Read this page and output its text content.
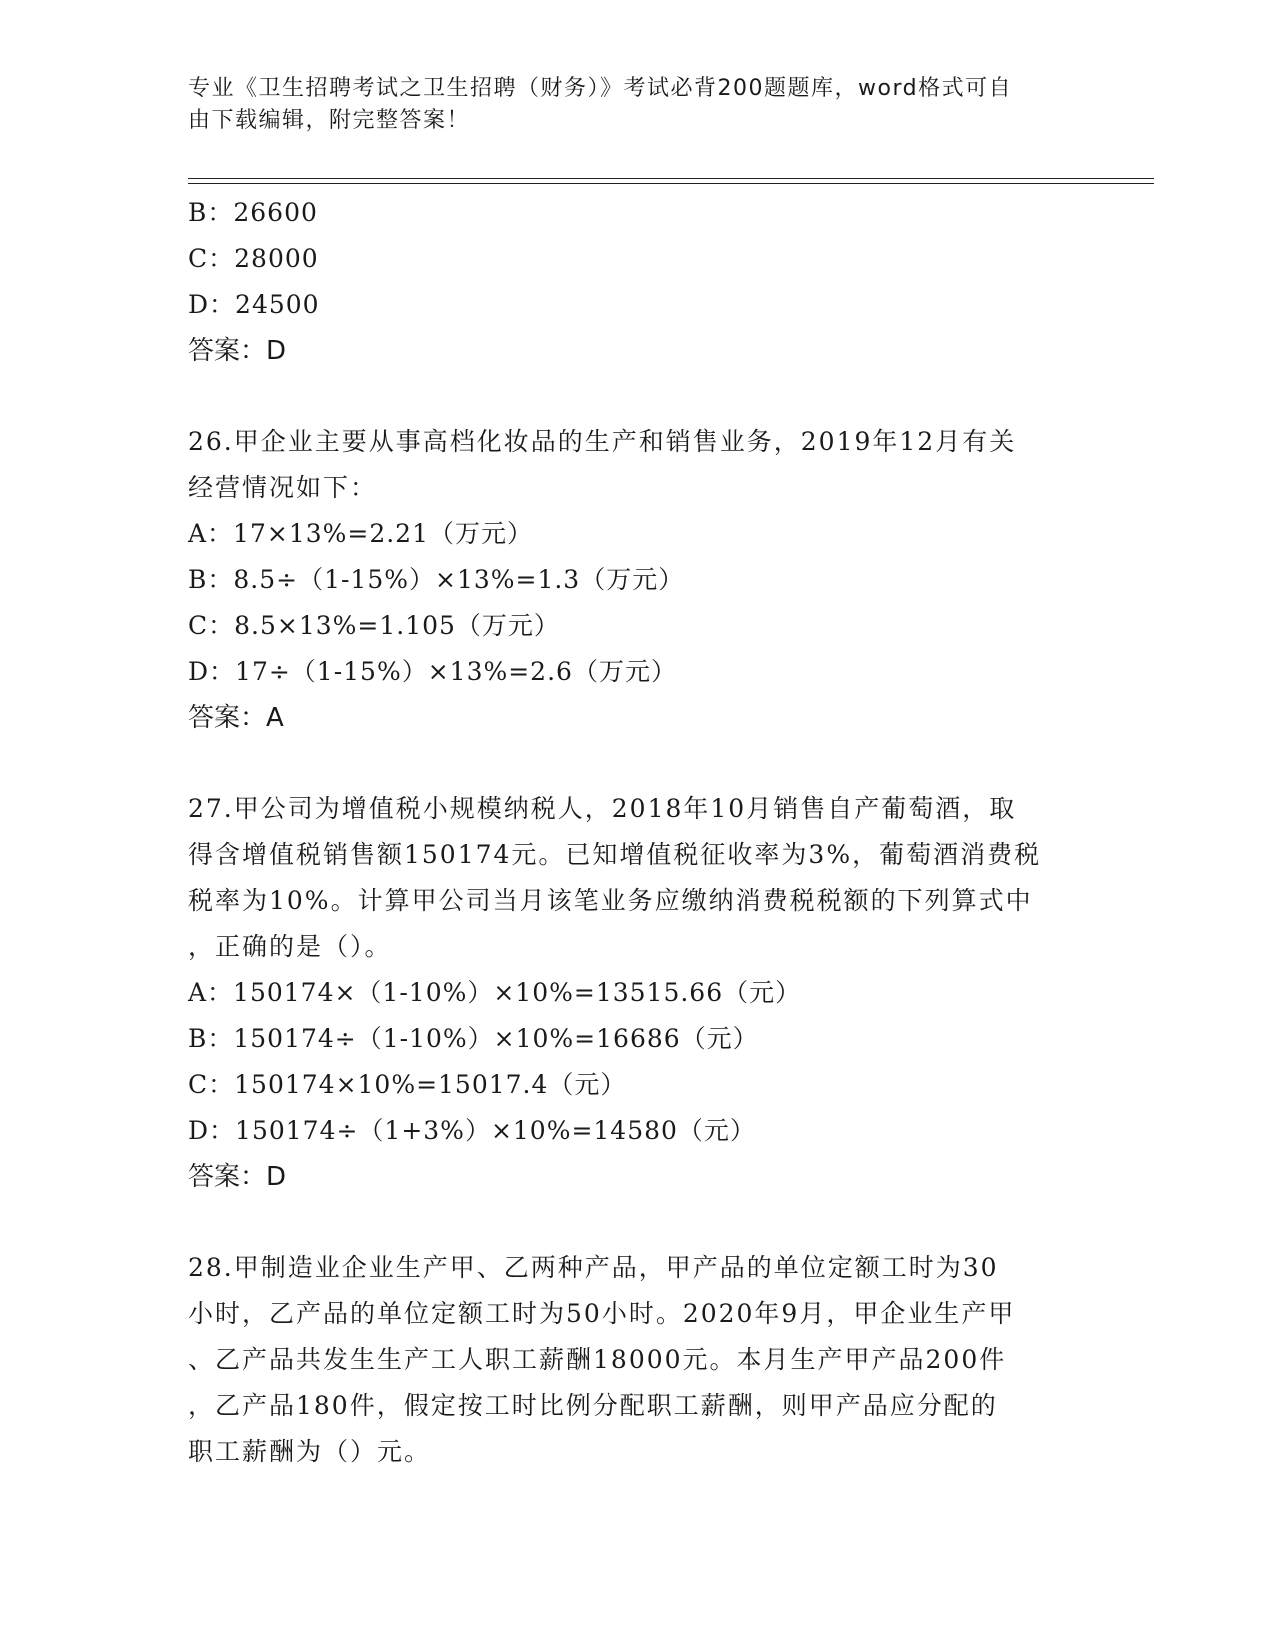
专业《卫生招聘考试之卫生招聘（财务）》考试必背200题题库，word格式可自
由下载编辑，附完整答案！
B：26600
C：28000
D：24500
答案：D
26.甲企业主要从事高档化妆品的生产和销售业务，2019年12月有关
经营情况如下：
A：17×13%=2.21（万元）
B：8.5÷（1-15%）×13%=1.3（万元）
C：8.5×13%=1.105（万元）
D：17÷（1-15%）×13%=2.6（万元）
答案：A
27.甲公司为增值税小规模纳税人，2018年10月销售自产葡萄酒，取
得含增值税销售额150174元。已知增值税征收率为3%，葡萄酒消费税
税率为10%。计算甲公司当月该笔业务应缴纳消费税税额的下列算式中
，正确的是（）。
A：150174×（1-10%）×10%=13515.66（元）
B：150174÷（1-10%）×10%=16686（元）
C：150174×10%=15017.4（元）
D：150174÷（1+3%）×10%=14580（元）
答案：D
28.甲制造业企业生产甲、乙两种产品，甲产品的单位定额工时为30
小时，乙产品的单位定额工时为50小时。2020年9月，甲企业生产甲
、乙产品共发生生产工人职工薪酬18000元。本月生产甲产品200件
，乙产品180件，假定按工时比例分配职工薪酬，则甲产品应分配的
职工薪酬为（）元。
